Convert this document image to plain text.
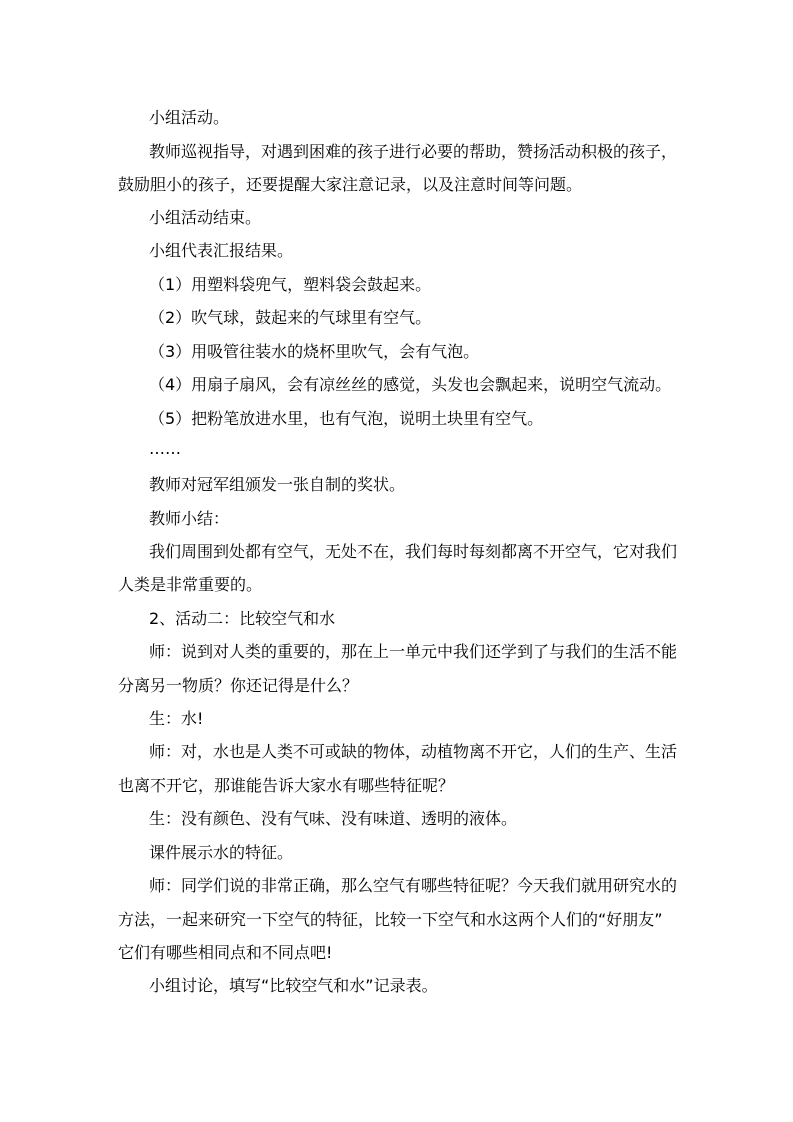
小组活动。
教师巡视指导，对遇到困难的孩子进行必要的帮助，赞扬活动积极的孩子，
鼓励胆小的孩子，还要提醒大家注意记录，以及注意时间等问题。
小组活动结束。
小组代表汇报结果。
（1）用塑料袋兜气，塑料袋会鼓起来。
（2）吹气球，鼓起来的气球里有空气。
（3）用吸管往装水的烧杯里吹气，会有气泡。
（4）用扇子扇风，会有凉丝丝的感觉，头发也会飘起来，说明空气流动。
（5）把粉笔放进水里，也有气泡，说明土块里有空气。
……
教师对冠军组颁发一张自制的奖状。
教师小结：
我们周围到处都有空气，无处不在，我们每时每刻都离不开空气，它对我们
人类是非常重要的。
2、活动二：比较空气和水
师：说到对人类的重要的，那在上一单元中我们还学到了与我们的生活不能
分离另一物质？你还记得是什么？
生：水!
师：对，水也是人类不可或缺的物体，动植物离不开它，人们的生产、生活
也离不开它，那谁能告诉大家水有哪些特征呢？
生：没有颜色、没有气味、没有味道、透明的液体。
课件展示水的特征。
师：同学们说的非常正确，那么空气有哪些特征呢？今天我们就用研究水的
方法，一起来研究一下空气的特征，比较一下空气和水这两个人们的“好朋友”
它们有哪些相同点和不同点吧!
小组讨论，填写“比较空气和水”记录表。
